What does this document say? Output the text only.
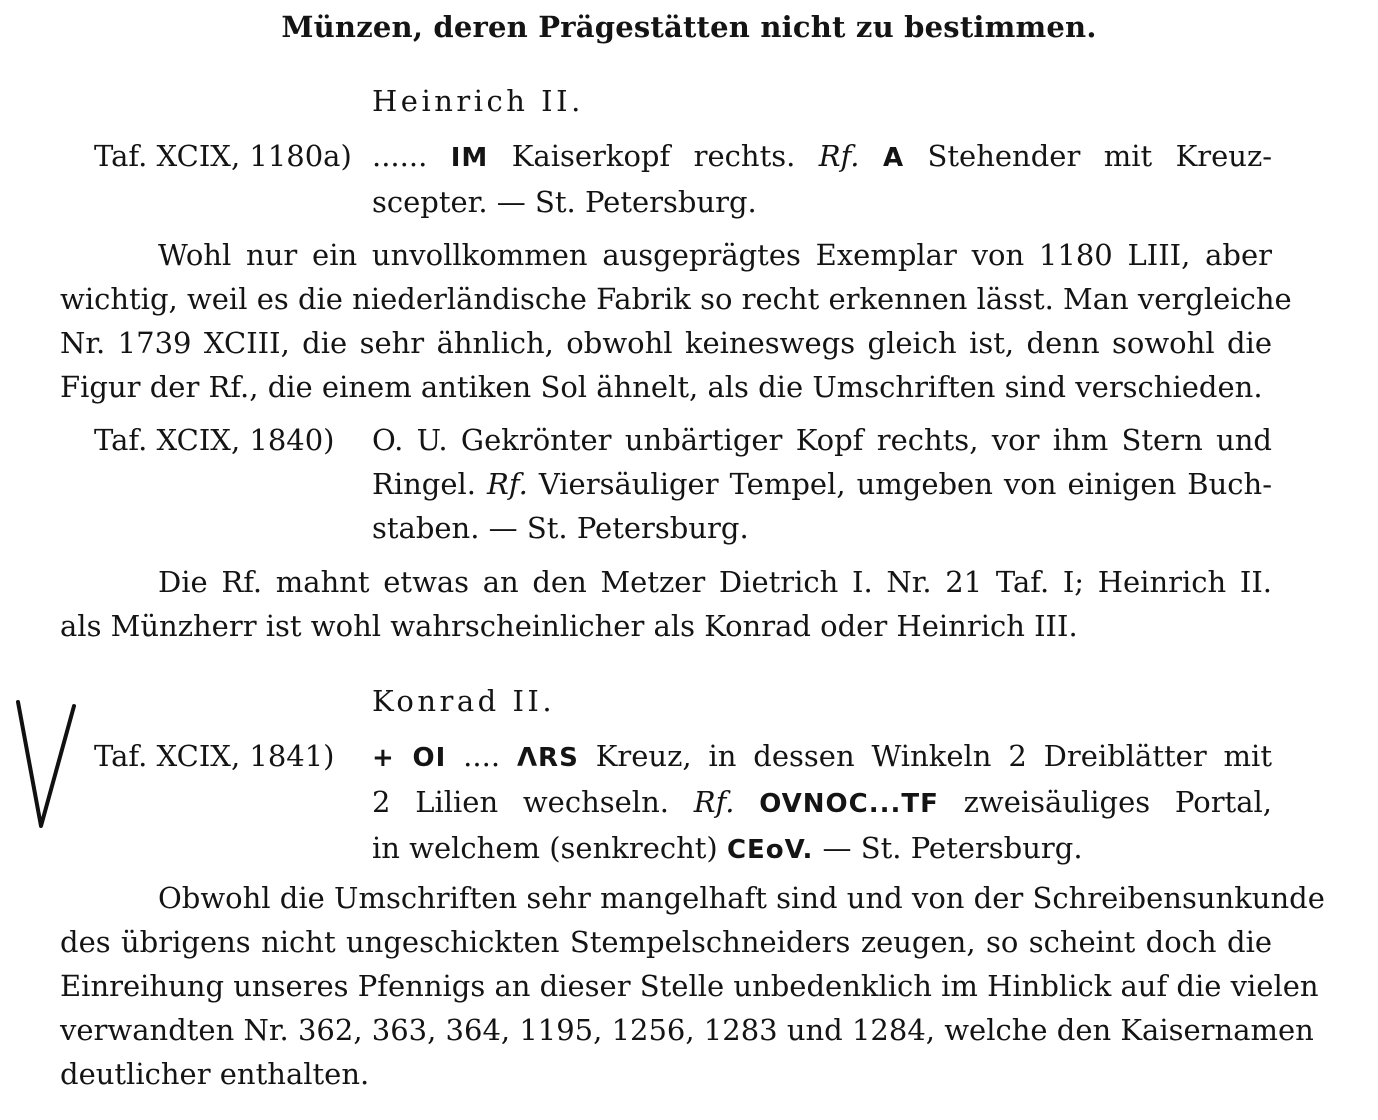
Münzen, deren Prägestätten nicht zu bestimmen.
Heinrich II.
Taf. XCIX, 1180a) ...... IM Kaiserkopf rechts. Rf. A Stehender mit Kreuz-
scepter. — St. Petersburg.
Wohl nur ein unvollkommen ausgeprägtes Exemplar von 1180 LIII, aber
wichtig, weil es die niederländische Fabrik so recht erkennen lässt. Man vergleiche
Nr. 1739 XCIII, die sehr ähnlich, obwohl keineswegs gleich ist, denn sowohl die
Figur der Rf., die einem antiken Sol ähnelt, als die Umschriften sind verschieden.
Taf. XCIX, 1840) O. U. Gekrönter unbärtiger Kopf rechts, vor ihm Stern und
Ringel. Rf. Viersäuliger Tempel, umgeben von einigen Buch-
staben. — St. Petersburg.
Die Rf. mahnt etwas an den Metzer Dietrich I. Nr. 21 Taf. I; Heinrich II.
als Münzherr ist wohl wahrscheinlicher als Konrad oder Heinrich III.
Konrad II.
Taf. XCIX, 1841) + OI .... ΛRS Kreuz, in dessen Winkeln 2 Dreiblätter mit
2 Lilien wechseln. Rf. OVNOC...TF zweisäuliges Portal,
in welchem (senkrecht) CEoV. — St. Petersburg.
Obwohl die Umschriften sehr mangelhaft sind und von der Schreibensunkunde
des übrigens nicht ungeschickten Stempelschneiders zeugen, so scheint doch die
Einreihung unseres Pfennigs an dieser Stelle unbedenklich im Hinblick auf die vielen
verwandten Nr. 362, 363, 364, 1195, 1256, 1283 und 1284, welche den Kaisernamen
deutlicher enthalten.
